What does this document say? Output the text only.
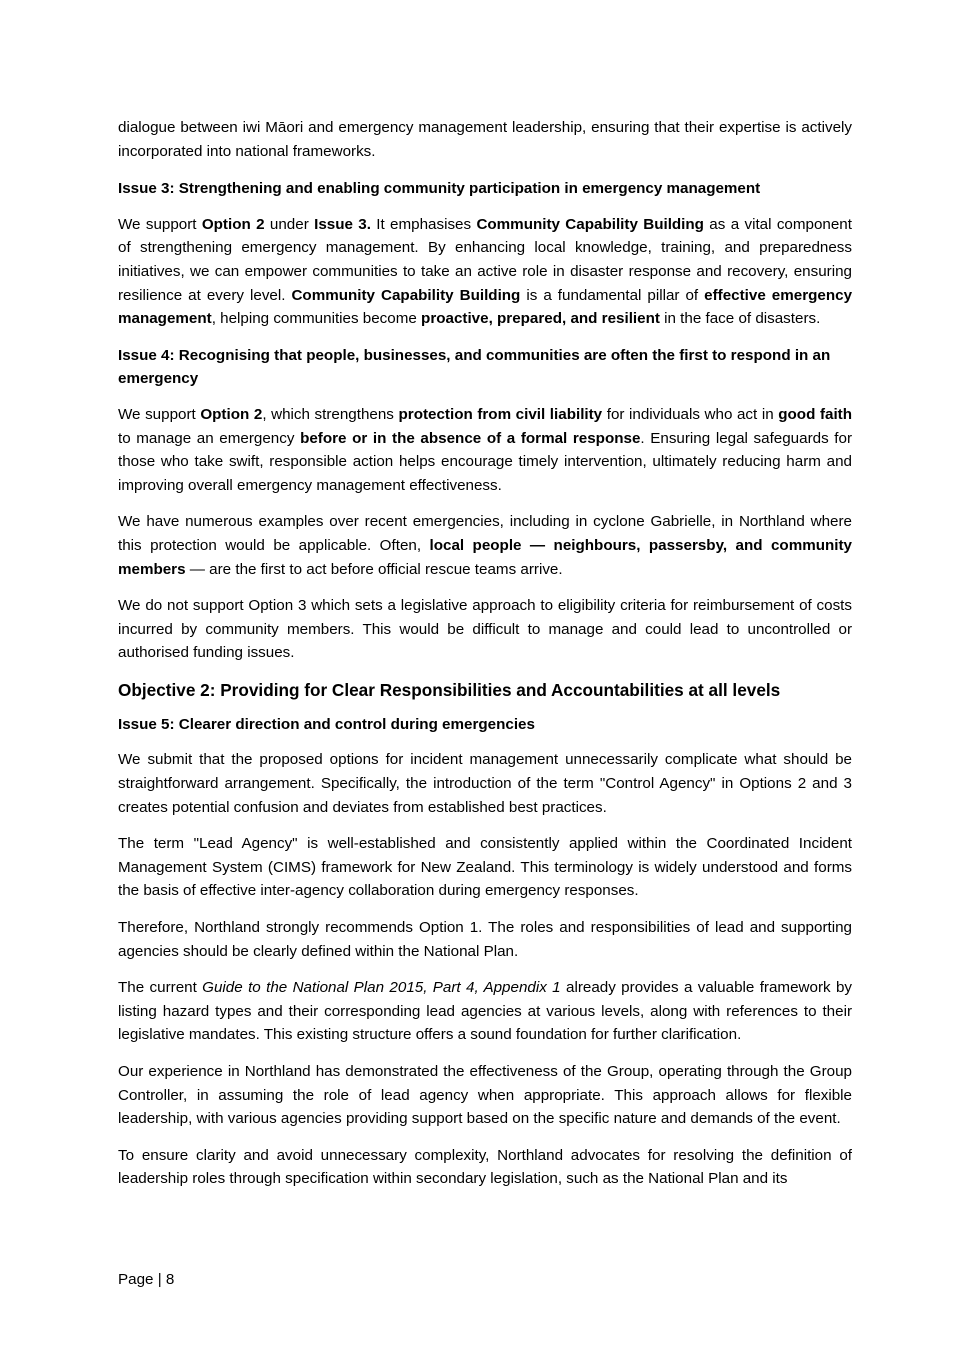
dialogue between iwi Māori and emergency management leadership, ensuring that their expertise is actively incorporated into national frameworks.

Issue 3: Strengthening and enabling community participation in emergency management

We support Option 2 under Issue 3. It emphasises Community Capability Building as a vital component of strengthening emergency management. By enhancing local knowledge, training, and preparedness initiatives, we can empower communities to take an active role in disaster response and recovery, ensuring resilience at every level. Community Capability Building is a fundamental pillar of effective emergency management, helping communities become proactive, prepared, and resilient in the face of disasters.

Issue 4: Recognising that people, businesses, and communities are often the first to respond in an emergency

We support Option 2, which strengthens protection from civil liability for individuals who act in good faith to manage an emergency before or in the absence of a formal response. Ensuring legal safeguards for those who take swift, responsible action helps encourage timely intervention, ultimately reducing harm and improving overall emergency management effectiveness.

We have numerous examples over recent emergencies, including in cyclone Gabrielle, in Northland where this protection would be applicable. Often, local people — neighbours, passersby, and community members — are the first to act before official rescue teams arrive.

We do not support Option 3 which sets a legislative approach to eligibility criteria for reimbursement of costs incurred by community members. This would be difficult to manage and could lead to uncontrolled or authorised funding issues.

Objective 2: Providing for Clear Responsibilities and Accountabilities at all levels
Issue 5: Clearer direction and control during emergencies

We submit that the proposed options for incident management unnecessarily complicate what should be straightforward arrangement. Specifically, the introduction of the term "Control Agency" in Options 2 and 3 creates potential confusion and deviates from established best practices.

The term "Lead Agency" is well-established and consistently applied within the Coordinated Incident Management System (CIMS) framework for New Zealand. This terminology is widely understood and forms the basis of effective inter-agency collaboration during emergency responses.

Therefore, Northland strongly recommends Option 1. The roles and responsibilities of lead and supporting agencies should be clearly defined within the National Plan.

The current Guide to the National Plan 2015, Part 4, Appendix 1 already provides a valuable framework by listing hazard types and their corresponding lead agencies at various levels, along with references to their legislative mandates. This existing structure offers a sound foundation for further clarification.

Our experience in Northland has demonstrated the effectiveness of the Group, operating through the Group Controller, in assuming the role of lead agency when appropriate. This approach allows for flexible leadership, with various agencies providing support based on the specific nature and demands of the event.

To ensure clarity and avoid unnecessary complexity, Northland advocates for resolving the definition of leadership roles through specification within secondary legislation, such as the National Plan and its

Page | 8
